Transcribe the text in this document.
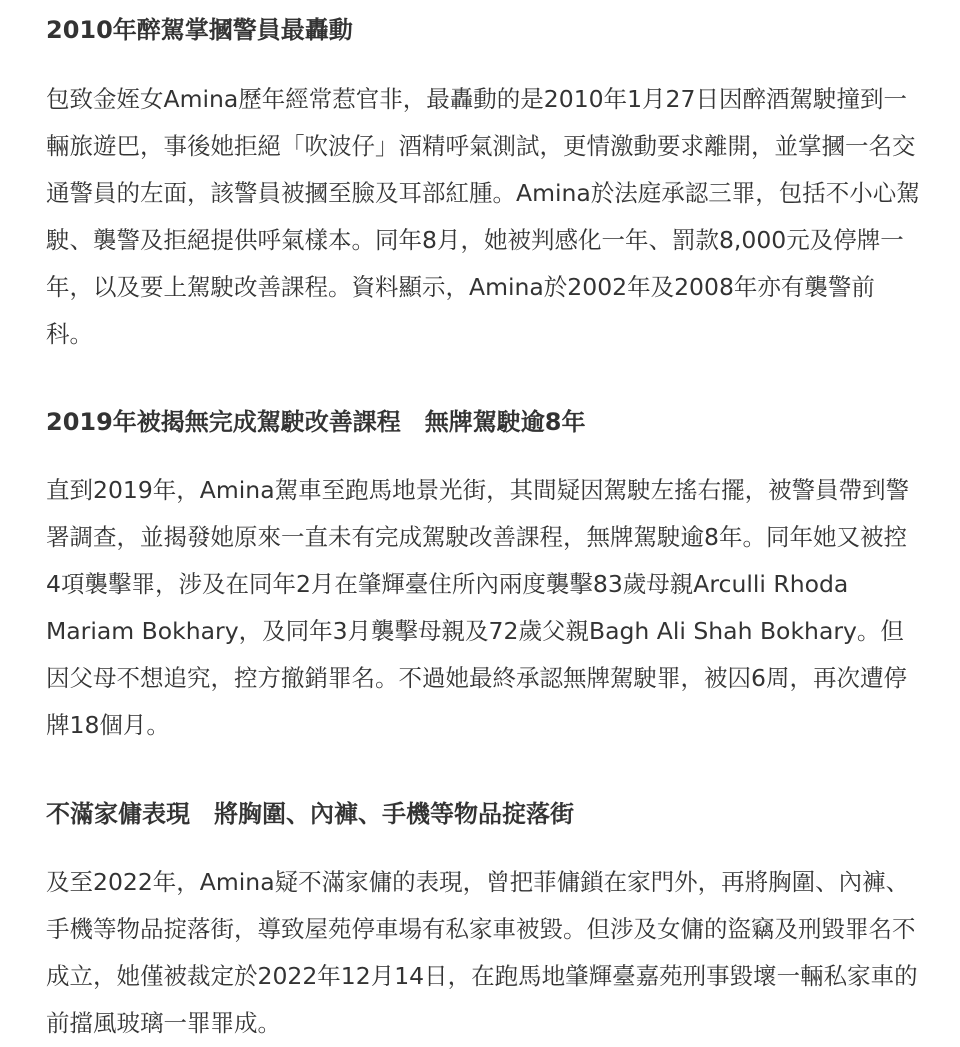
2010年醉駕掌摑警員最轟動

包致金姪女Amina歷年經常惹官非，最轟動的是2010年1月27日因醉酒駕駛撞到一輛旅遊巴，事後她拒絕「吹波仔」酒精呼氣測試，更情激動要求離開，並掌摑一名交通警員的左面，該警員被摑至臉及耳部紅腫。Amina於法庭承認三罪，包括不小心駕駛、襲警及拒絕提供呼氣樣本。同年8月，她被判感化一年、罰款8,000元及停牌一年，以及要上駕駛改善課程。資料顯示，Amina於2002年及2008年亦有襲警前科。

2019年被揭無完成駕駛改善課程　無牌駕駛逾8年

直到2019年，Amina駕車至跑馬地景光街，其間疑因駕駛左搖右擺，被警員帶到警署調查，並揭發她原來一直未有完成駕駛改善課程，無牌駕駛逾8年。同年她又被控4項襲擊罪，涉及在同年2月在肇輝臺住所內兩度襲擊83歲母親Arculli Rhoda Mariam Bokhary，及同年3月襲擊母親及72歲父親Bagh Ali Shah Bokhary。但因父母不想追究，控方撤銷罪名。不過她最終承認無牌駕駛罪，被囚6周，再次遭停牌18個月。

不滿家傭表現　將胸圍、內褲、手機等物品掟落街

及至2022年，Amina疑不滿家傭的表現，曾把菲傭鎖在家門外，再將胸圍、內褲、手機等物品掟落街，導致屋苑停車場有私家車被毀。但涉及女傭的盜竊及刑毀罪名不成立，她僅被裁定於2022年12月14日，在跑馬地肇輝臺嘉苑刑事毀壞一輛私家車的前擋風玻璃一罪罪成。
